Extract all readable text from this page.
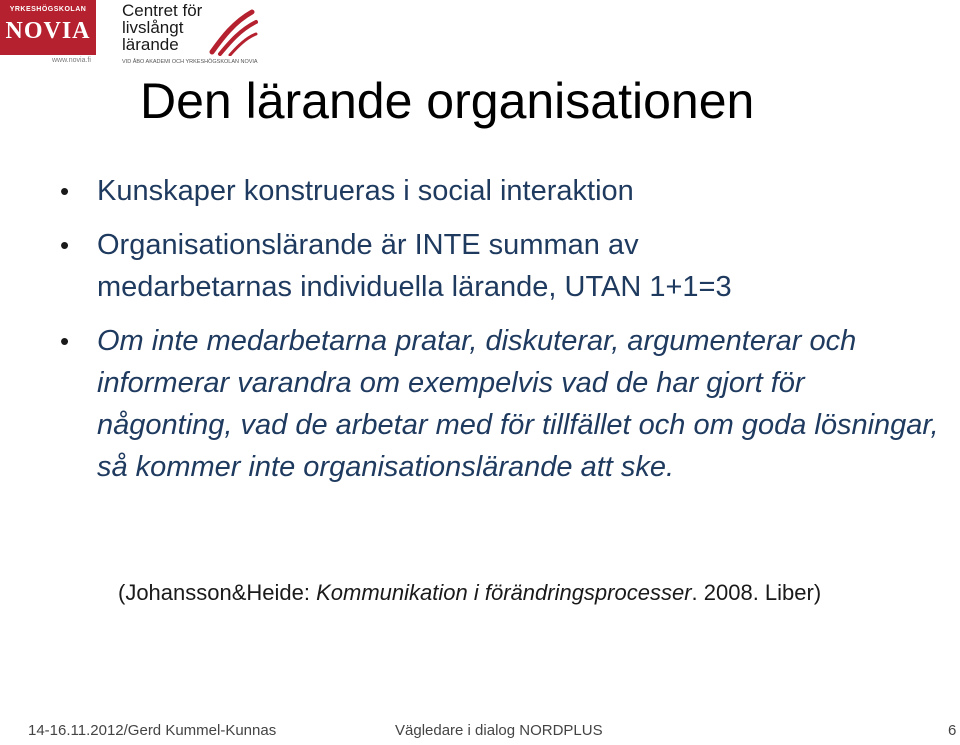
YRKESHÖGSKOLAN
NOVIA
www.novia.fi
Centret för
livslångt
lärande
VID ÅBO AKADEMI OCH YRKESHÖGSKOLAN NOVIA
Den lärande organisationen
• Kunskaper konstrueras i social interaktion
• Organisationslärande är INTE summan av medarbetarnas individuella lärande, UTAN 1+1=3
• Om inte medarbetarna pratar, diskuterar, argumenterar och informerar varandra om exempelvis vad de har gjort för någonting, vad de arbetar med för tillfället och om goda lösningar, så kommer inte organisationslärande att ske.
(Johansson&Heide: Kommunikation i förändringsprocesser. 2008. Liber)
14-16.11.2012/Gerd Kummel-Kunnas	Vägledare i dialog NORDPLUS	6
